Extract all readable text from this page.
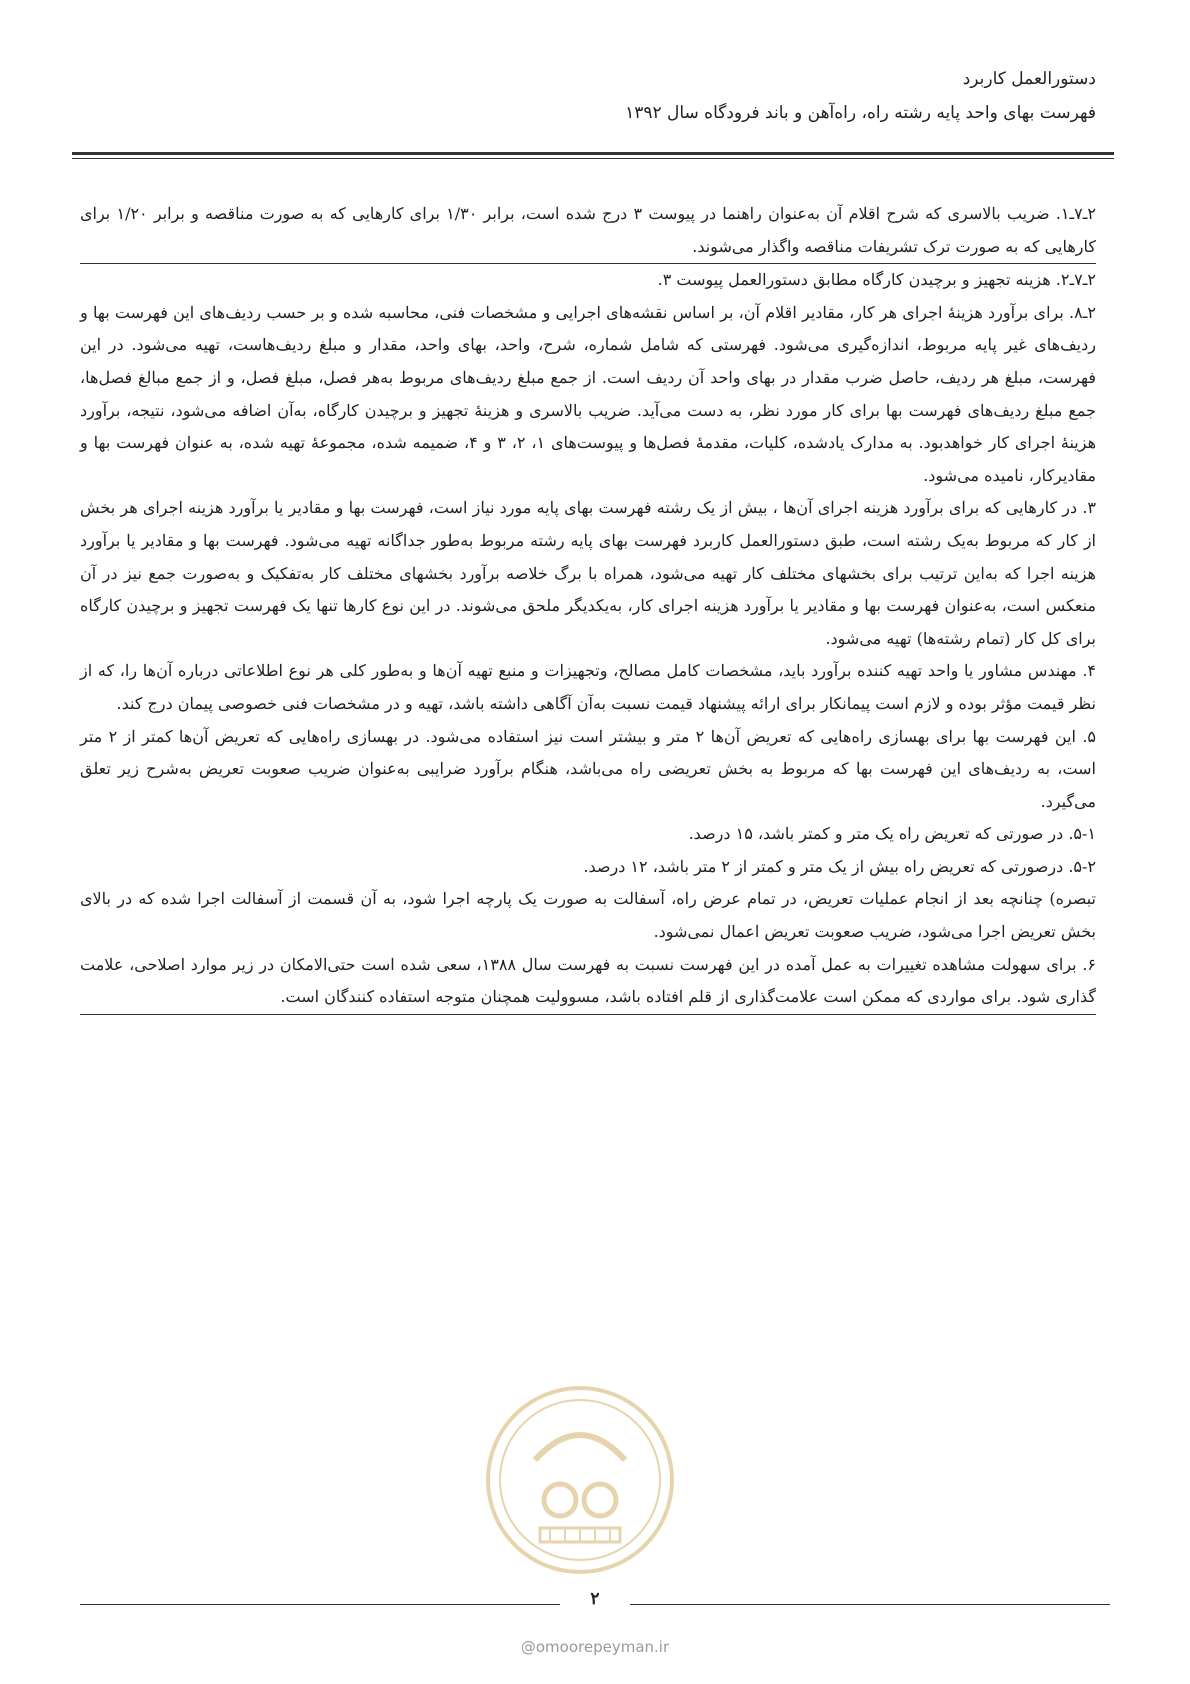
دستورالعمل کاربرد
فهرست بهای واحد پایه رشته راه، راه‌آهن و باند فرودگاه سال ۱۳۹۲

۲ـ۷ـ۱. ضریب بالاسری که شرح اقلام آن به‌عنوان راهنما در پیوست ۳ درج شده است، برابر ۱/۳۰ برای کارهایی که به صورت مناقصه و برابر ۱/۲۰ برای کارهایی که به صورت ترک تشریفات مناقصه واگذار می‌شوند.

۲ـ۷ـ۲. هزینه تجهیز و برچیدن کارگاه مطابق دستورالعمل پیوست ۳.

۲ـ۸. برای برآورد هزینهٔ اجرای هر کار، مقادیر اقلام آن، بر اساس نقشه‌های اجرایی و مشخصات فنی، محاسبه شده و بر حسب ردیف‌های این فهرست بها و ردیف‌های غیر پایه مربوط، اندازه‌گیری می‌شود. فهرستی که شامل شماره، شرح، واحد، بهای واحد، مقدار و مبلغ ردیف‌هاست، تهیه می‌شود. در این فهرست، مبلغ هر ردیف، حاصل ضرب مقدار در بهای واحد آن ردیف است. از جمع مبلغ ردیف‌های مربوط به‌هر فصل، مبلغ فصل، و از جمع مبالغ فصل‌ها، جمع مبلغ ردیف‌های فهرست بها برای کار مورد نظر، به دست می‌آید. ضریب بالاسری و هزینهٔ تجهیز و برچیدن کارگاه، به‌آن اضافه می‌شود، نتیجه، برآورد هزینهٔ اجرای کار خواهدبود. به مدارک یادشده، کلیات، مقدمهٔ فصل‌ها و پیوست‌های ۱، ۲، ۳ و ۴، ضمیمه شده، مجموعهٔ تهیه شده، به عنوان فهرست بها و مقادیرکار، نامیده می‌شود.

۳. در کارهایی که برای برآورد هزینه اجرای آن‌ها ، بیش از یک رشته فهرست بهای پایه مورد نیاز است، فهرست بها و مقادیر یا برآورد هزینه اجرای هر بخش از کار که مربوط به‌یک رشته است، طبق دستورالعمل کاربرد فهرست بهای پایه رشته مربوط به‌طور جداگانه تهیه می‌شود. فهرست بها و مقادیر یا برآورد هزینه اجرا که به‌این ترتیب برای بخشهای مختلف کار تهیه می‌شود، همراه با برگ خلاصه برآورد بخشهای مختلف کار به‌تفکیک و به‌صورت جمع نیز در آن منعکس است، به‌عنوان فهرست بها و مقادیر یا برآورد هزینه اجرای کار، به‌یکدیگر ملحق می‌شوند. در این نوع کارها تنها یک فهرست تجهیز و برچیدن کارگاه برای کل کار (تمام رشته‌ها) تهیه می‌شود.

۴. مهندس مشاور یا واحد تهیه کننده برآورد باید، مشخصات کامل مصالح، وتجهیزات و منبع تهیه آن‌ها و به‌طور کلی هر نوع اطلاعاتی درباره آن‌ها را، که از نظر قیمت مؤثر بوده و لازم است پیمانکار برای ارائه پیشنهاد قیمت نسبت به‌آن آگاهی داشته باشد، تهیه و در مشخصات فنی خصوصی پیمان درج کند.

۵. این فهرست بها برای بهسازی راه‌هایی که تعریض آن‌ها ۲ متر و بیشتر است نیز استفاده می‌شود. در بهسازی راه‌هایی که تعریض آن‌ها کمتر از ۲ متر است، به ردیف‌های این فهرست بها که مربوط به بخش تعریضی راه می‌باشد، هنگام برآورد ضرایبی به‌عنوان ضریب صعوبت تعریض به‌شرح زیر تعلق می‌گیرد.

۵-۱. در صورتی که تعریض راه یک متر و کمتر باشد، ۱۵ درصد.

۵-۲. درصورتی که تعریض راه بیش از یک متر و کمتر از ۲ متر باشد، ۱۲ درصد.

تبصره) چنانچه بعد از انجام عملیات تعریض، در تمام عرض راه، آسفالت به صورت یک پارچه اجرا شود، به آن قسمت از آسفالت اجرا شده که در بالای بخش تعریض اجرا می‌شود، ضریب صعوبت تعریض اعمال نمی‌شود.

۶. برای سهولت مشاهده تغییرات به عمل آمده در این فهرست نسبت به فهرست سال ۱۳۸۸، سعی شده است حتی‌الامکان در زیر موارد اصلاحی، علامت گذاری شود. برای مواردی که ممکن است علامت‌گذاری از قلم افتاده باشد، مسوولیت همچنان متوجه استفاده کنندگان است.

۲
@omoorepeyman.ir
